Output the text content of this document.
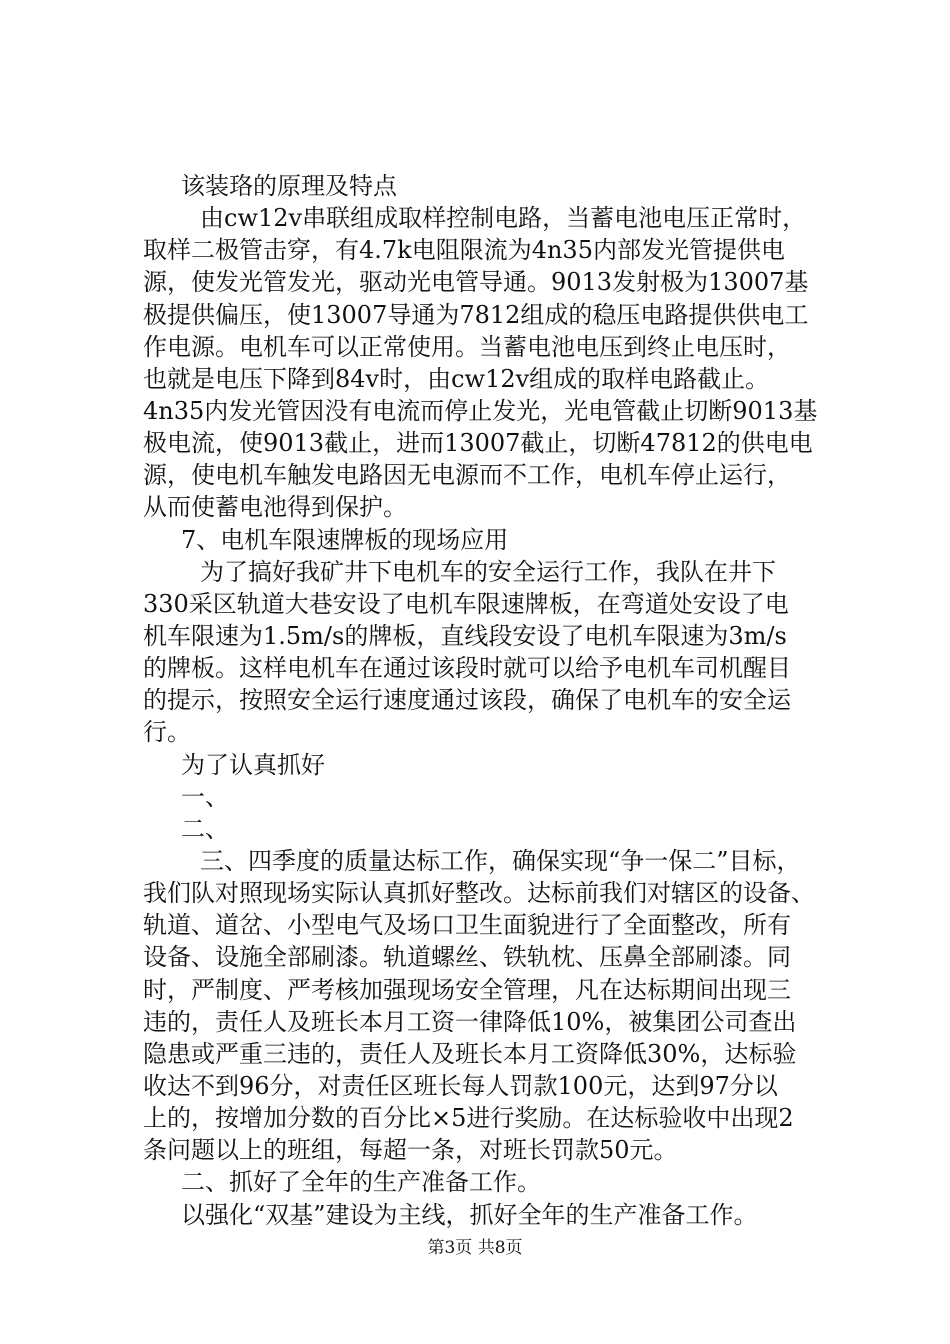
该装珞的原理及特点
由cw12v串联组成取样控制电路，当蓄电池电压正常时，
取样二极管击穿，有4.7k电阻限流为4n35内部发光管提供电
源，使发光管发光，驱动光电管导通。9013发射极为13007基
极提供偏压，使13007导通为7812组成的稳压电路提供供电工
作电源。电机车可以正常使用。当蓄电池电压到终止电压时，
也就是电压下降到84v时，由cw12v组成的取样电路截止。
4n35内发光管因没有电流而停止发光，光电管截止切断9013基
极电流，使9013截止，进而13007截止，切断47812的供电电
源，使电机车触发电路因无电源而不工作，电机车停止运行，
从而使蓄电池得到保护。
7、电机车限速牌板的现场应用
为了搞好我矿井下电机车的安全运行工作，我队在井下
330采区轨道大巷安设了电机车限速牌板，在弯道处安设了电
机车限速为1.5m/s的牌板，直线段安设了电机车限速为3m/s
的牌板。这样电机车在通过该段时就可以给予电机车司机醒目
的提示，按照安全运行速度通过该段，确保了电机车的安全运
行。
为了认真抓好
一、
二、
三、四季度的质量达标工作，确保实现“争一保二”目标，
我们队对照现场实际认真抓好整改。达标前我们对辖区的设备、
轨道、道岔、小型电气及场口卫生面貌进行了全面整改，所有
设备、设施全部刷漆。轨道螺丝、铁轨枕、压鼻全部刷漆。同
时，严制度、严考核加强现场安全管理，凡在达标期间出现三
违的，责任人及班长本月工资一律降低10%，被集团公司查出
隐患或严重三违的，责任人及班长本月工资降低30%，达标验
收达不到96分，对责任区班长每人罚款100元，达到97分以
上的，按增加分数的百分比×5进行奖励。在达标验收中出现2
条问题以上的班组，每超一条，对班长罚款50元。
二、抓好了全年的生产准备工作。
以强化“双基”建设为主线，抓好全年的生产准备工作。
第3页 共8页
